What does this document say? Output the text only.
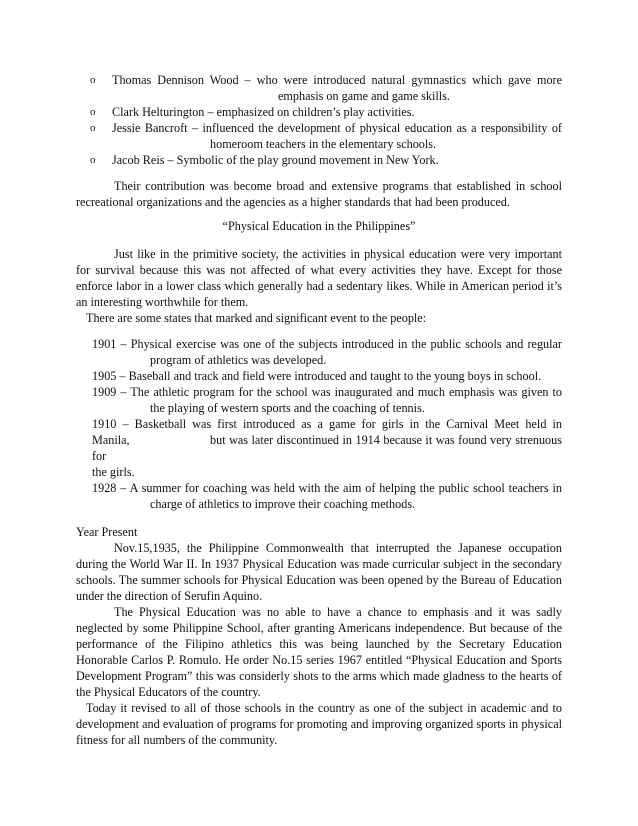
o Thomas Dennison Wood – who were introduced natural gymnastics which gave more
emphasis on game and game skills.
o Clark Helturington – emphasized on children’s play activities.
o Jessie Bancroft – influenced the development of physical education as a responsibility of
homeroom teachers in the elementary schools.
o Jacob Reis – Symbolic of the play ground movement in New York.

Their contribution was become broad and extensive programs that established in school recreational organizations and the agencies as a higher standards that had been produced.

“Physical Education in the Philippines”

Just like in the primitive society, the activities in physical education were very important for survival because this was not affected of what every activities they have. Except for those enforce labor in a lower class which generally had a sedentary likes. While in American period it’s an interesting worthwhile for them.

There are some states that marked and significant event to the people:

1901 – Physical exercise was one of the subjects introduced in the public schools and regular
program of athletics was developed.

1905 – Baseball and track and field were introduced and taught to the young boys in school.

1909 – The athletic program for the school was inaugurated and much emphasis was given to
the playing of western sports and the coaching of tennis.

1910 – Basketball was first introduced as a game for girls in the Carnival Meet held in
Manila,	but was later discontinued in 1914 because it was found very strenuous for
the girls.

1928 – A summer for coaching was held with the aim of helping the public school teachers in
charge of athletics to improve their coaching methods.

Year Present

Nov.15,1935, the Philippine Commonwealth that interrupted the Japanese occupation during the World War II. In 1937 Physical Education was made curricular subject in the secondary schools. The summer schools for Physical Education was been opened by the Bureau of Education under the direction of Serufin Aquino.

The Physical Education was no able to have a chance to emphasis and it was sadly neglected by some Philippine School, after granting Americans independence. But because of the performance of the Filipino athletics this was being launched by the Secretary Education Honorable Carlos P. Romulo. He order No.15 series 1967 entitled “Physical Education and Sports Development Program” this was considerly shots to the arms which made gladness to the hearts of the Physical Educators of the country.

Today it revised to all of those schools in the country as one of the subject in academic and to development and evaluation of programs for promoting and improving organized sports in physical fitness for all numbers of the community.
